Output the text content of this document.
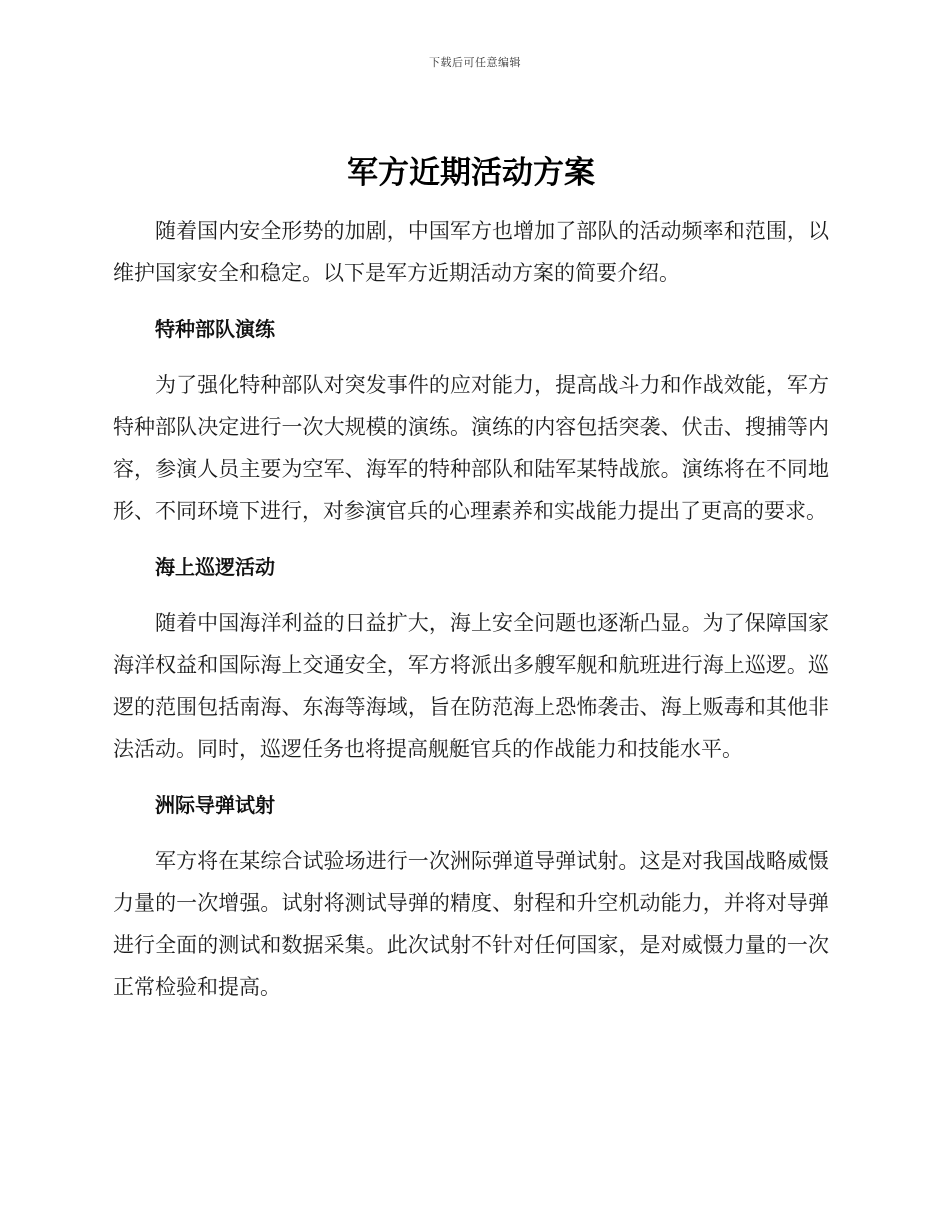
下载后可任意编辑
军方近期活动方案

随着国内安全形势的加剧，中国军方也增加了部队的活动频率和范围，以维护国家安全和稳定。以下是军方近期活动方案的简要介绍。

特种部队演练

为了强化特种部队对突发事件的应对能力，提高战斗力和作战效能，军方特种部队决定进行一次大规模的演练。演练的内容包括突袭、伏击、搜捕等内容，参演人员主要为空军、海军的特种部队和陆军某特战旅。演练将在不同地形、不同环境下进行，对参演官兵的心理素养和实战能力提出了更高的要求。

海上巡逻活动

随着中国海洋利益的日益扩大，海上安全问题也逐渐凸显。为了保障国家海洋权益和国际海上交通安全，军方将派出多艘军舰和航班进行海上巡逻。巡逻的范围包括南海、东海等海域，旨在防范海上恐怖袭击、海上贩毒和其他非法活动。同时，巡逻任务也将提高舰艇官兵的作战能力和技能水平。

洲际导弹试射

军方将在某综合试验场进行一次洲际弹道导弹试射。这是对我国战略威慑力量的一次增强。试射将测试导弹的精度、射程和升空机动能力，并将对导弹进行全面的测试和数据采集。此次试射不针对任何国家，是对威慑力量的一次正常检验和提高。
